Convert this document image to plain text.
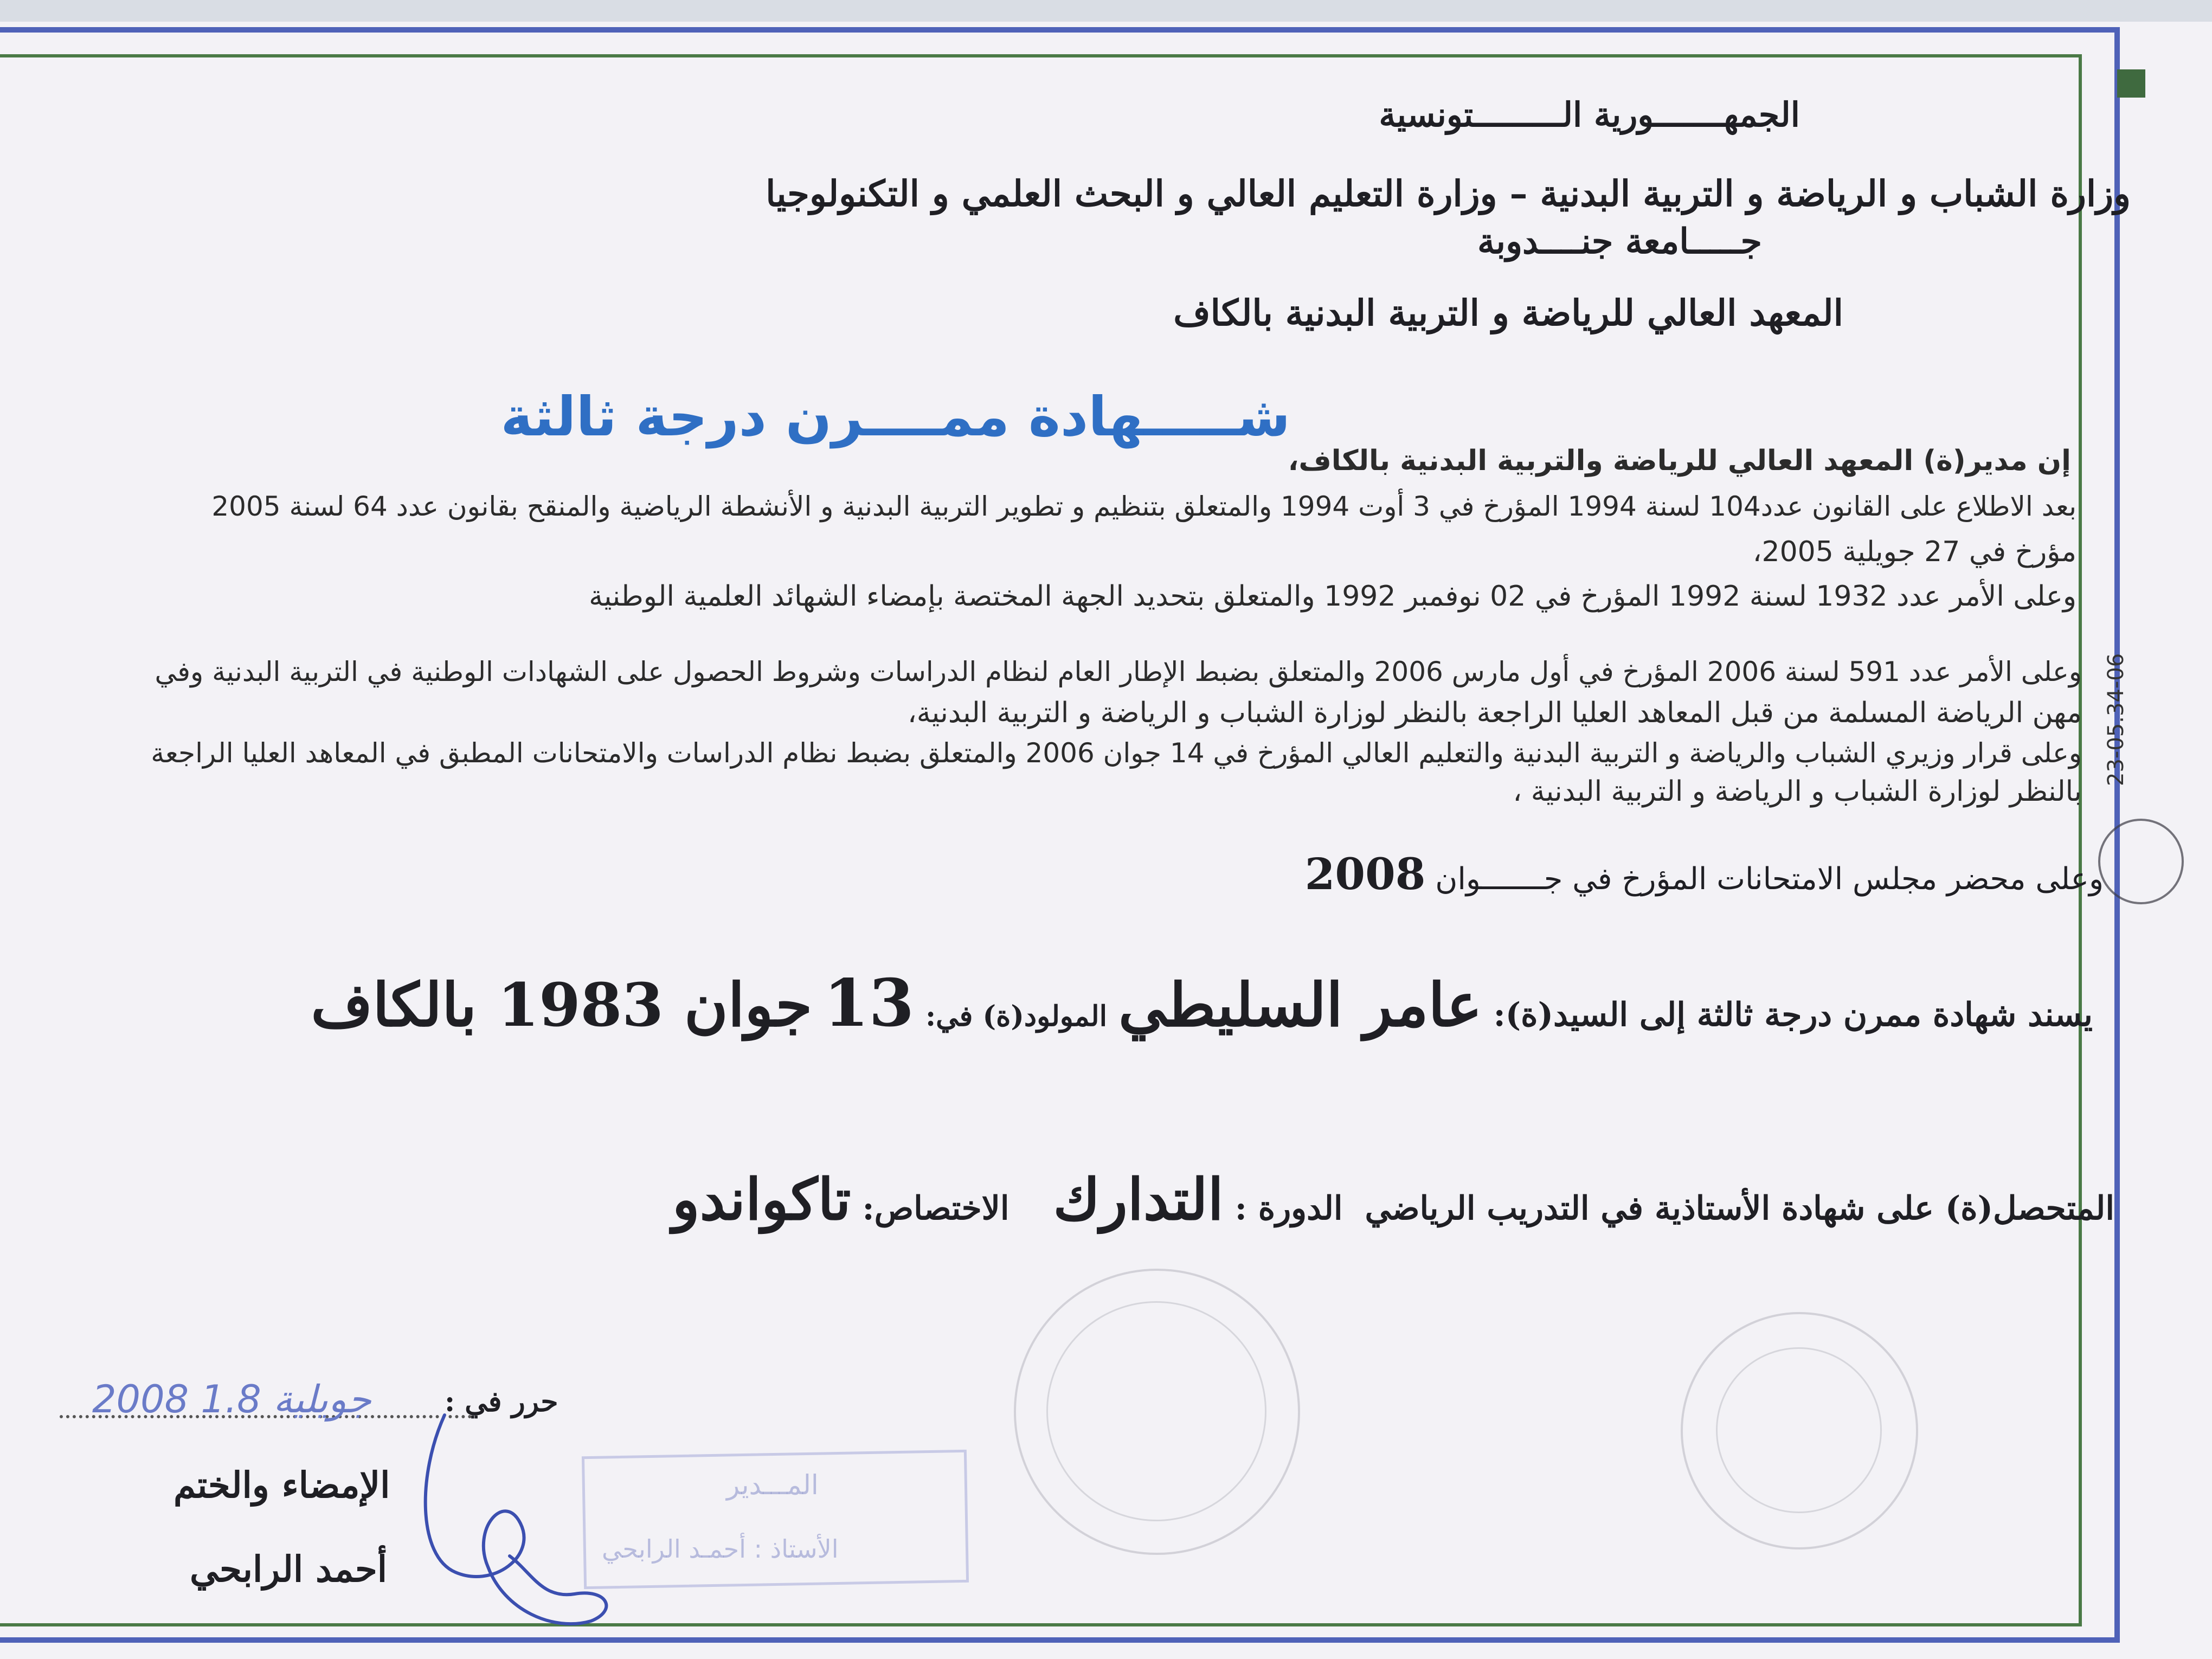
الجمهـــــــورية الـــــــــتونسية
وزارة الشباب و الرياضة و التربية البدنية – وزارة التعليم العالي و البحث العلمي و التكنولوجيا
جـــــامعة جنــــدوبة
المعهد العالي للرياضة و التربية البدنية بالكاف
شـــــهادة ممــــرن درجة ثالثة
23-05.34-06
إن مدير(ة) المعهد العالي للرياضة والتربية البدنية بالكاف،
بعد الاطلاع على القانون عدد104 لسنة 1994 المؤرخ في 3 أوت 1994 والمتعلق بتنظيم و تطوير التربية البدنية و الأنشطة الرياضية والمنقح بقانون عدد 64 لسنة 2005
مؤرخ في 27 جويلية 2005،
وعلى الأمر عدد 1932 لسنة 1992 المؤرخ في 02 نوفمبر 1992 والمتعلق بتحديد الجهة المختصة بإمضاء الشهائد العلمية الوطنية
وعلى الأمر عدد 591 لسنة 2006 المؤرخ في أول مارس 2006 والمتعلق بضبط الإطار العام لنظام الدراسات وشروط الحصول على الشهادات الوطنية في التربية البدنية وفي
مهن الرياضة المسلمة من قبل المعاهد العليا الراجعة بالنظر لوزارة الشباب و الرياضة و التربية البدنية،
وعلى قرار وزيري الشباب والرياضة و التربية البدنية والتعليم العالي المؤرخ في 14 جوان 2006 والمتعلق بضبط نظام الدراسات والامتحانات المطبق في المعاهد العليا الراجعة
بالنظر لوزارة الشباب و الرياضة و التربية البدنية ،
وعلى محضر مجلس الامتحانات المؤرخ في جـــــــوان 2008
يسند شهادة ممرن درجة ثالثة إلى السيد(ة): عامر السليطي المولود(ة) في: 13 جوان 1983 بالكاف
المتحصل(ة) على شهادة الأستاذية في التدريب الرياضي الدورة : التدارك الاختصاص: تاكواندو
حرر في :
2008 جويلية 1.8
المـــدير
الأستاذ : أحمـد الرابحي
الإمضاء والختم
أحمد الرابحي
